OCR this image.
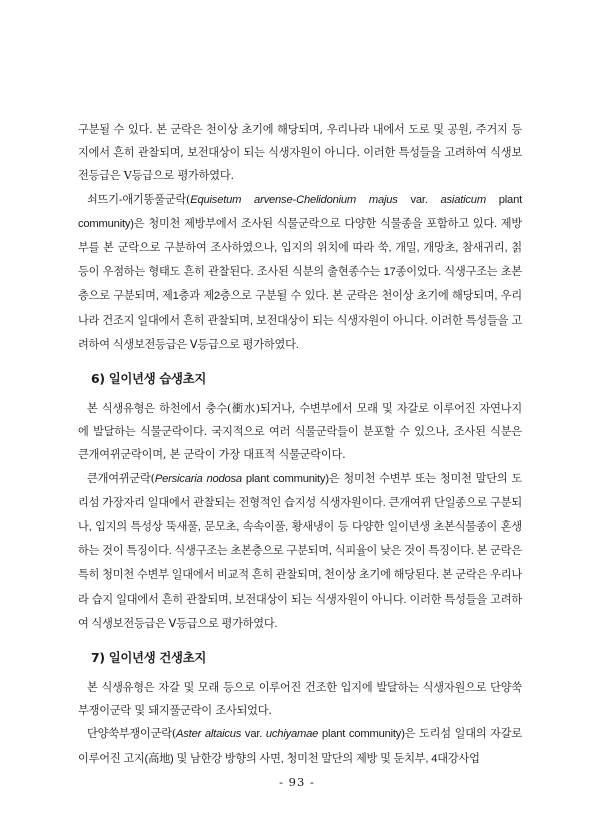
구분될 수 있다. 본 군락은 천이상 초기에 해당되며, 우리나라 내에서 도로 및 공원, 주거지 등지에서 흔히 관찰되며, 보전대상이 되는 식생자원이 아니다. 이러한 특성들을 고려하여 식생보전등급은 Ⅴ등급으로 평가하였다.

쇠뜨기-애기똥풀군락(Equisetum arvense-Chelidonium majus var. asiaticum plant community)은 청미천 제방부에서 조사된 식물군락으로 다양한 식물종을 포함하고 있다. 제방부를 본 군락으로 구분하여 조사하였으나, 입지의 위치에 따라 쑥, 개밀, 개망초, 참새귀리, 칡 등이 우점하는 형태도 흔히 관찰된다. 조사된 식분의 출현종수는 17종이었다. 식생구조는 초본층으로 구분되며, 제1층과 제2층으로 구분될 수 있다. 본 군락은 천이상 초기에 해당되며, 우리나라 건조지 일대에서 흔히 관찰되며, 보전대상이 되는 식생자원이 아니다. 이러한 특성들을 고려하여 식생보전등급은 Ⅴ등급으로 평가하였다.

6) 일이년생 습생초지

본 식생유형은 하천에서 충수(衝水)되거나, 수변부에서 모래 및 자갈로 이루어진 자연나지에 발달하는 식물군락이다. 국지적으로 여러 식물군락들이 분포할 수 있으나, 조사된 식분은 큰개여뀌군락이며, 본 군락이 가장 대표적 식물군락이다.

큰개여뀌군락(Persicaria nodosa plant community)은 청미천 수변부 또는 청미천 말단의 도리섬 가장자리 일대에서 관찰되는 전형적인 습지성 식생자원이다. 큰개여뀌 단일종으로 구분되나, 입지의 특성상 뚝새풀, 문모초, 속속이풀, 황새냉이 등 다양한 일이년생 초본식물종이 혼생하는 것이 특징이다. 식생구조는 초본층으로 구분되며, 식피율이 낮은 것이 특징이다. 본 군락은 특히 청미천 수변부 일대에서 비교적 흔히 관찰되며, 천이상 초기에 해당된다. 본 군락은 우리나라 습지 일대에서 흔히 관찰되며, 보전대상이 되는 식생자원이 아니다. 이러한 특성들을 고려하여 식생보전등급은 Ⅴ등급으로 평가하였다.

7) 일이년생 건생초지

본 식생유형은 자갈 및 모래 등으로 이루어진 건조한 입지에 발달하는 식생자원으로 단양쑥부쟁이군락 및 돼지풀군락이 조사되었다.

단양쑥부쟁이군락(Aster altaicus var. uchiyamae plant community)은 도리섬 일대의 자갈로 이루어진 고지(高地) 및 남한강 방향의 사면, 청미천 말단의 제방 및 둔치부, 4대강사업

- 93 -
